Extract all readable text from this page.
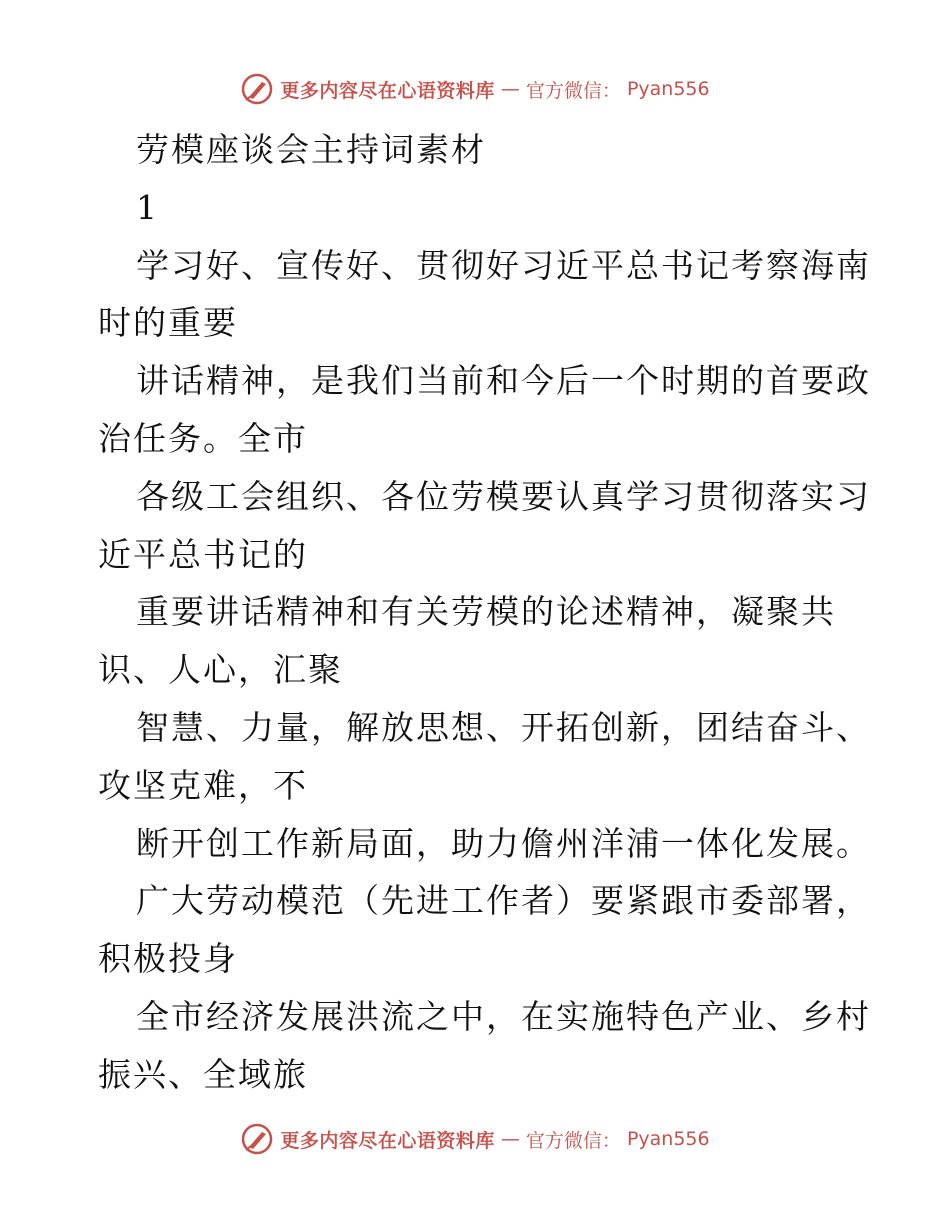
更多内容尽在心语资料库 — 官方微信： Pyan556
劳模座谈会主持词素材
1
学习好、宣传好、贯彻好习近平总书记考察海南
时的重要
讲话精神，是我们当前和今后一个时期的首要政
治任务。全市
各级工会组织、各位劳模要认真学习贯彻落实习
近平总书记的
重要讲话精神和有关劳模的论述精神，凝聚共
识、人心，汇聚
智慧、力量，解放思想、开拓创新，团结奋斗、
攻坚克难，不
断开创工作新局面，助力儋州洋浦一体化发展。
广大劳动模范（先进工作者）要紧跟市委部署，
积极投身
全市经济发展洪流之中，在实施特色产业、乡村
振兴、全域旅
更多内容尽在心语资料库 — 官方微信： Pyan556
